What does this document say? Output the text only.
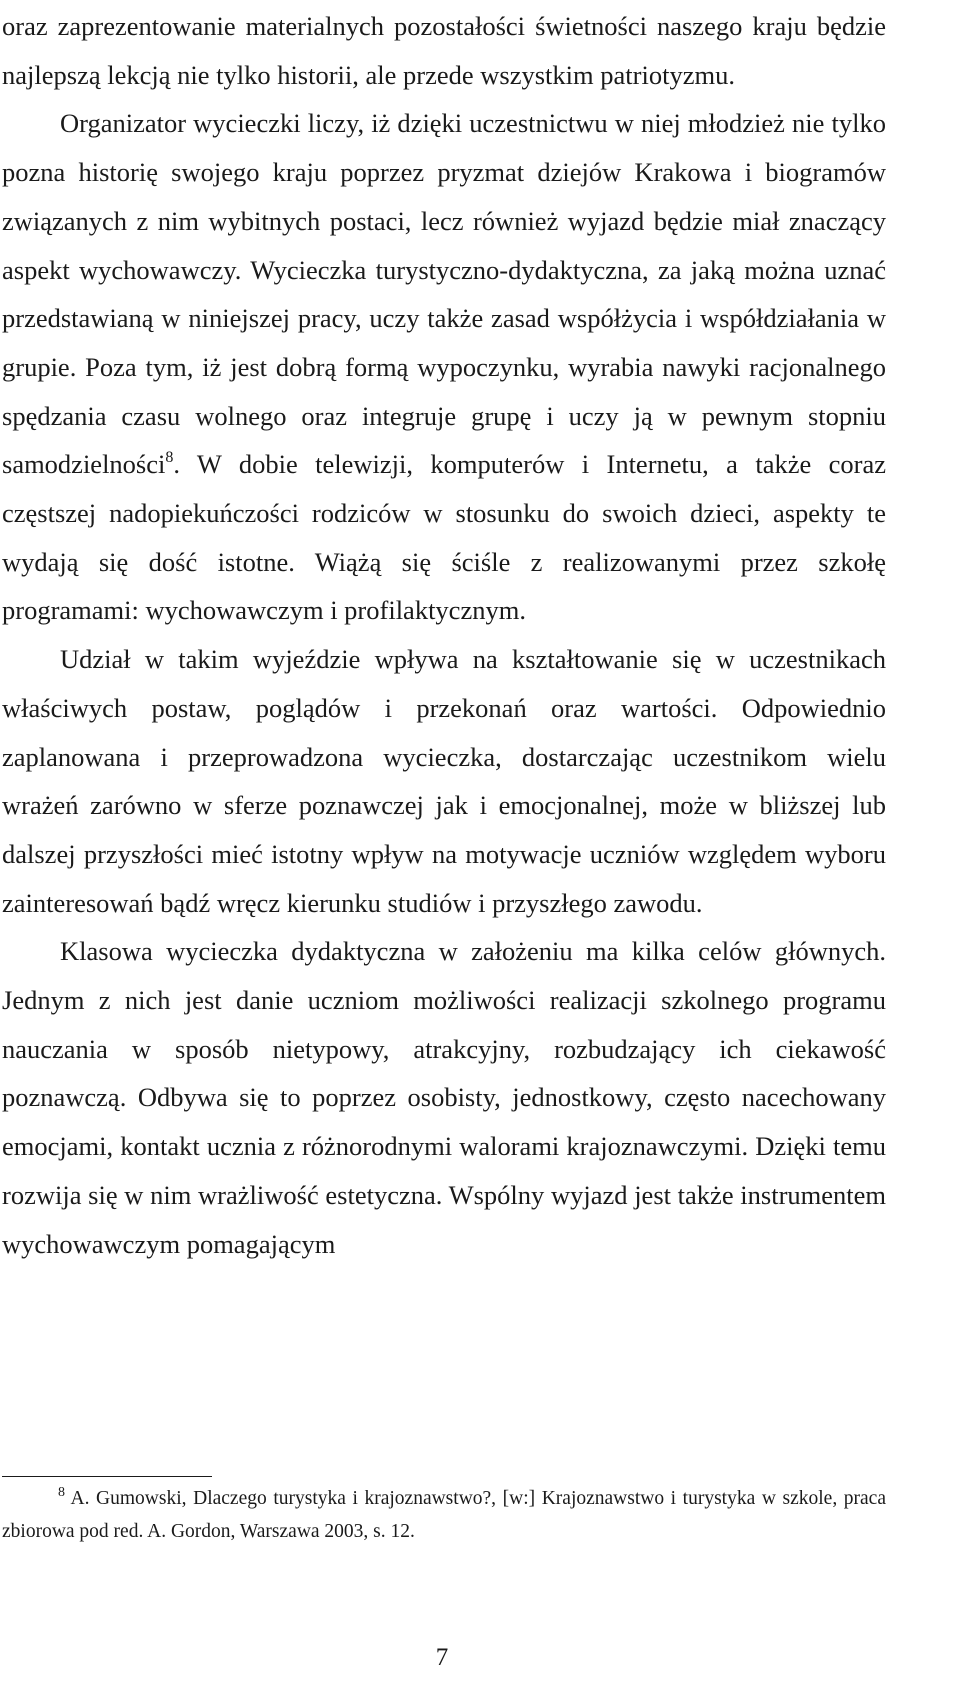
oraz zaprezentowanie materialnych pozostałości świetności naszego kraju będzie najlepszą lekcją nie tylko historii, ale przede wszystkim patriotyzmu.

Organizator wycieczki liczy, iż dzięki uczestnictwu w niej młodzież nie tylko pozna historię swojego kraju poprzez pryzmat dziejów Krakowa i biogramów związanych z nim wybitnych postaci, lecz również wyjazd będzie miał znaczący aspekt wychowawczy. Wycieczka turystyczno-dydaktyczna, za jaką można uznać przedstawianą w niniejszej pracy, uczy także zasad współżycia i współdziałania w grupie. Poza tym, iż jest dobrą formą wypoczynku, wyrabia nawyki racjonalnego spędzania czasu wolnego oraz integruje grupę i uczy ją w pewnym stopniu samodzielności$^8$. W dobie telewizji, komputerów i Internetu, a także coraz częstszej nadopiekuńczości rodziców w stosunku do swoich dzieci, aspekty te wydają się dość istotne. Wiążą się ściśle z realizowanymi przez szkołę programami: wychowawczym i profilaktycznym.

Udział w takim wyjeździe wpływa na kształtowanie się w uczestnikach właściwych postaw, poglądów i przekonań oraz wartości. Odpowiednio zaplanowana i przeprowadzona wycieczka, dostarczając uczestnikom wielu wrażeń zarówno w sferze poznawczej jak i emocjonalnej, może w bliższej lub dalszej przyszłości mieć istotny wpływ na motywacje uczniów względem wyboru zainteresowań bądź wręcz kierunku studiów i przyszłego zawodu.

Klasowa wycieczka dydaktyczna w założeniu ma kilka celów głównych. Jednym z nich jest danie uczniom możliwości realizacji szkolnego programu nauczania w sposób nietypowy, atrakcyjny, rozbudzający ich ciekawość poznawczą. Odbywa się to poprzez osobisty, jednostkowy, często nacechowany emocjami, kontakt ucznia z różnorodnymi walorami krajoznawczymi. Dzięki temu rozwija się w nim wrażliwość estetyczna. Wspólny wyjazd jest także instrumentem wychowawczym pomagającym

8 A. Gumowski, Dlaczego turystyka i krajoznawstwo?, [w:] Krajoznawstwo i turystyka w szkole, praca zbiorowa pod red. A. Gordon, Warszawa 2003, s. 12.

7
